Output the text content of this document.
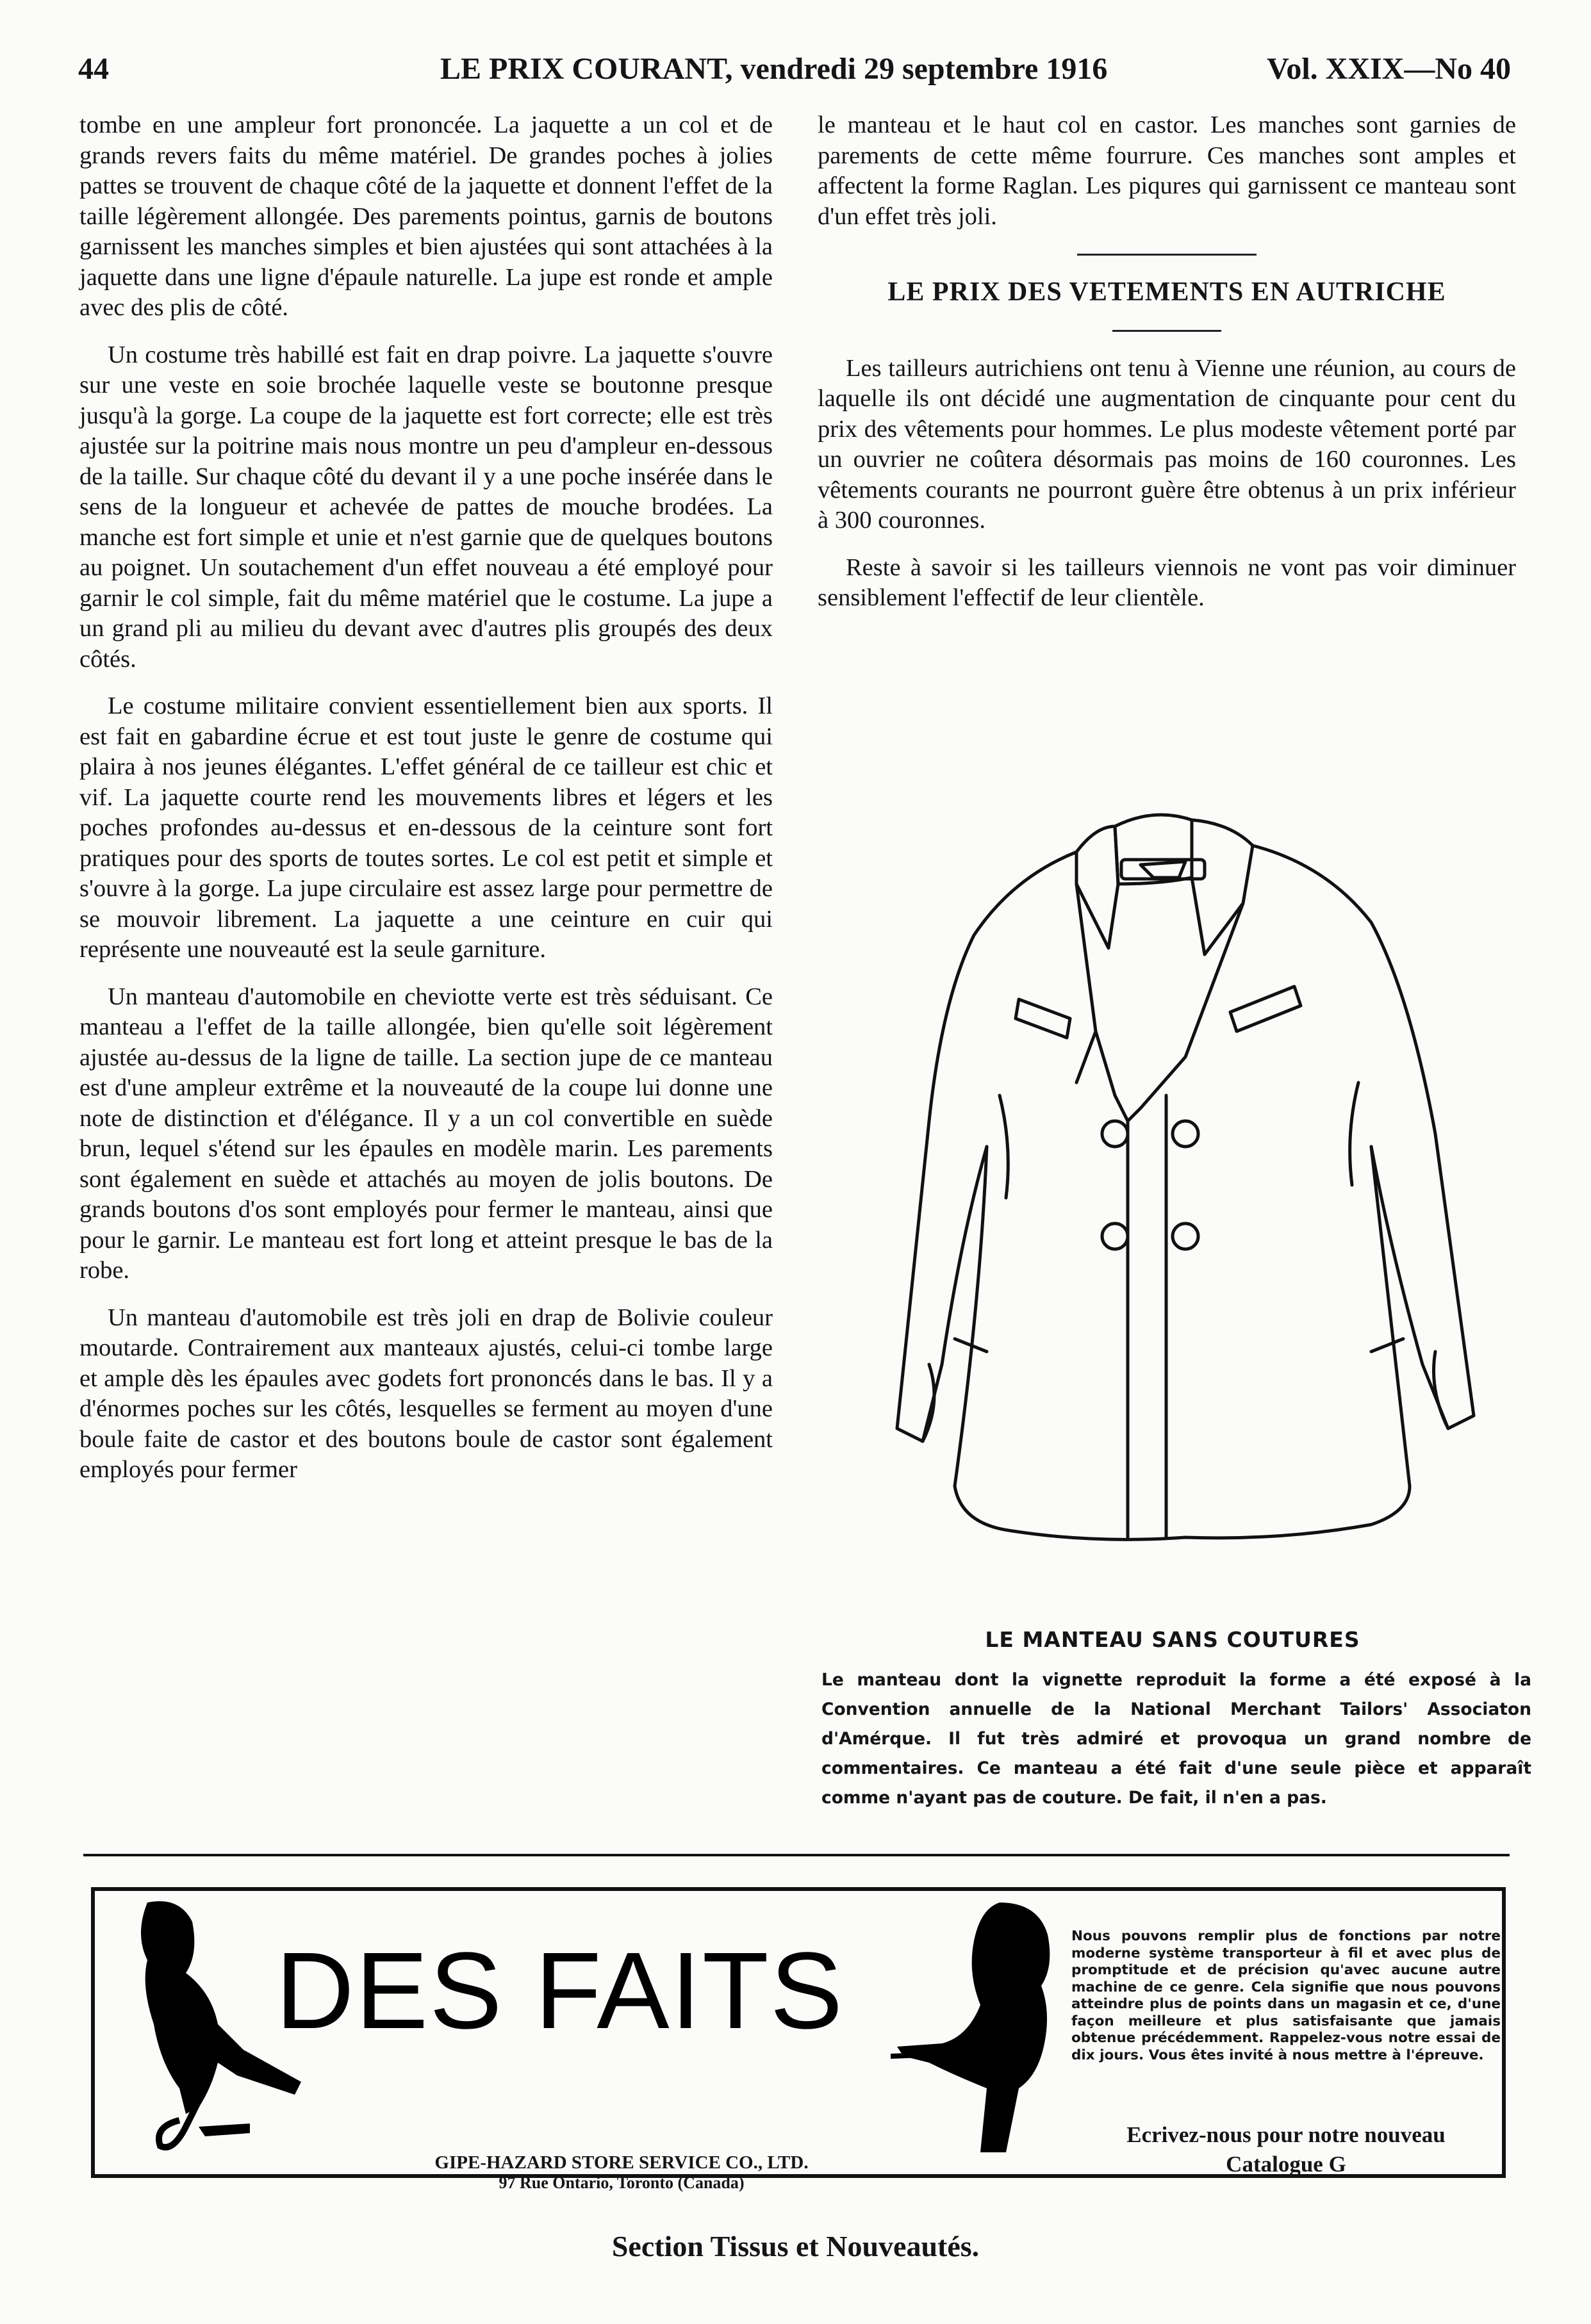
44	LE PRIX COURANT, vendredi 29 septembre 1916	Vol. XXIX—No 40

tombe en une ampleur fort prononcée. La jaquette a un col et de grands revers faits du même matériel. De grandes poches à jolies pattes se trouvent de chaque côté de la jaquette et donnent l'effet de la taille légèrement allongée. Des parements pointus, garnis de boutons garnissent les manches simples et bien ajustées qui sont attachées à la jaquette dans une ligne d'épaule naturelle. La jupe est ronde et ample avec des plis de côté.

Un costume très habillé est fait en drap poivre. La jaquette s'ouvre sur une veste en soie brochée laquelle veste se boutonne presque jusqu'à la gorge. La coupe de la jaquette est fort correcte; elle est très ajustée sur la poitrine mais nous montre un peu d'ampleur en-dessous de la taille. Sur chaque côté du devant il y a une poche insérée dans le sens de la longueur et achevée de pattes de mouche brodées. La manche est fort simple et unie et n'est garnie que de quelques boutons au poignet. Un soutachement d'un effet nouveau a été employé pour garnir le col simple, fait du même matériel que le costume. La jupe a un grand pli au milieu du devant avec d'autres plis groupés des deux côtés.

Le costume militaire convient essentiellement bien aux sports. Il est fait en gabardine écrue et est tout juste le genre de costume qui plaira à nos jeunes élégantes. L'effet général de ce tailleur est chic et vif. La jaquette courte rend les mouvements libres et légers et les poches profondes au-dessus et en-dessous de la ceinture sont fort pratiques pour des sports de toutes sortes. Le col est petit et simple et s'ouvre à la gorge. La jupe circulaire est assez large pour permettre de se mouvoir librement. La jaquette a une ceinture en cuir qui représente une nouveauté est la seule garniture.

Un manteau d'automobile en cheviotte verte est très séduisant. Ce manteau a l'effet de la taille allongée, bien qu'elle soit légèrement ajustée au-dessus de la ligne de taille. La section jupe de ce manteau est d'une ampleur extrême et la nouveauté de la coupe lui donne une note de distinction et d'élégance. Il y a un col convertible en suède brun, lequel s'étend sur les épaules en modèle marin. Les parements sont également en suède et attachés au moyen de jolis boutons. De grands boutons d'os sont employés pour fermer le manteau, ainsi que pour le garnir. Le manteau est fort long et atteint presque le bas de la robe.

Un manteau d'automobile est très joli en drap de Bolivie couleur moutarde. Contrairement aux manteaux ajustés, celui-ci tombe large et ample dès les épaules avec godets fort prononcés dans le bas. Il y a d'énormes poches sur les côtés, lesquelles se ferment au moyen d'une boule faite de castor et des boutons boule de castor sont également employés pour fermer

le manteau et le haut col en castor. Les manches sont garnies de parements de cette même fourrure. Ces manches sont amples et affectent la forme Raglan. Les piqures qui garnissent ce manteau sont d'un effet très joli.

LE PRIX DES VETEMENTS EN AUTRICHE

Les tailleurs autrichiens ont tenu à Vienne une réunion, au cours de laquelle ils ont décidé une augmentation de cinquante pour cent du prix des vêtements pour hommes. Le plus modeste vêtement porté par un ouvrier ne coûtera désormais pas moins de 160 couronnes. Les vêtements courants ne pourront guère être obtenus à un prix inférieur à 300 couronnes.

Reste à savoir si les tailleurs viennois ne vont pas voir diminuer sensiblement l'effectif de leur clientèle.

LE MANTEAU SANS COUTURES
Le manteau dont la vignette reproduit la forme a été exposé à la Convention annuelle de la National Merchant Tailors' Associaton d'Amérque. Il fut très admiré et provoqua un grand nombre de commentaires. Ce manteau a été fait d'une seule pièce et apparaît comme n'ayant pas de couture. De fait, il n'en a pas.
DES FAITS
GIPE-HAZARD STORE SERVICE CO., LTD.
97 Rue Ontario, Toronto (Canada)
Nous pouvons remplir plus de fonctions par notre moderne système transporteur à fil et avec plus de promptitude et de précision qu'avec aucune autre machine de ce genre. Cela signifie que nous pouvons atteindre plus de points dans un magasin et ce, d'une façon meilleure et plus satisfaisante que jamais obtenue précédemment. Rappelez-vous notre essai de dix jours. Vous êtes invité à nous mettre à l'épreuve.
Ecrivez-nous pour notre nouveau
Catalogue G
Section Tissus et Nouveautés.
